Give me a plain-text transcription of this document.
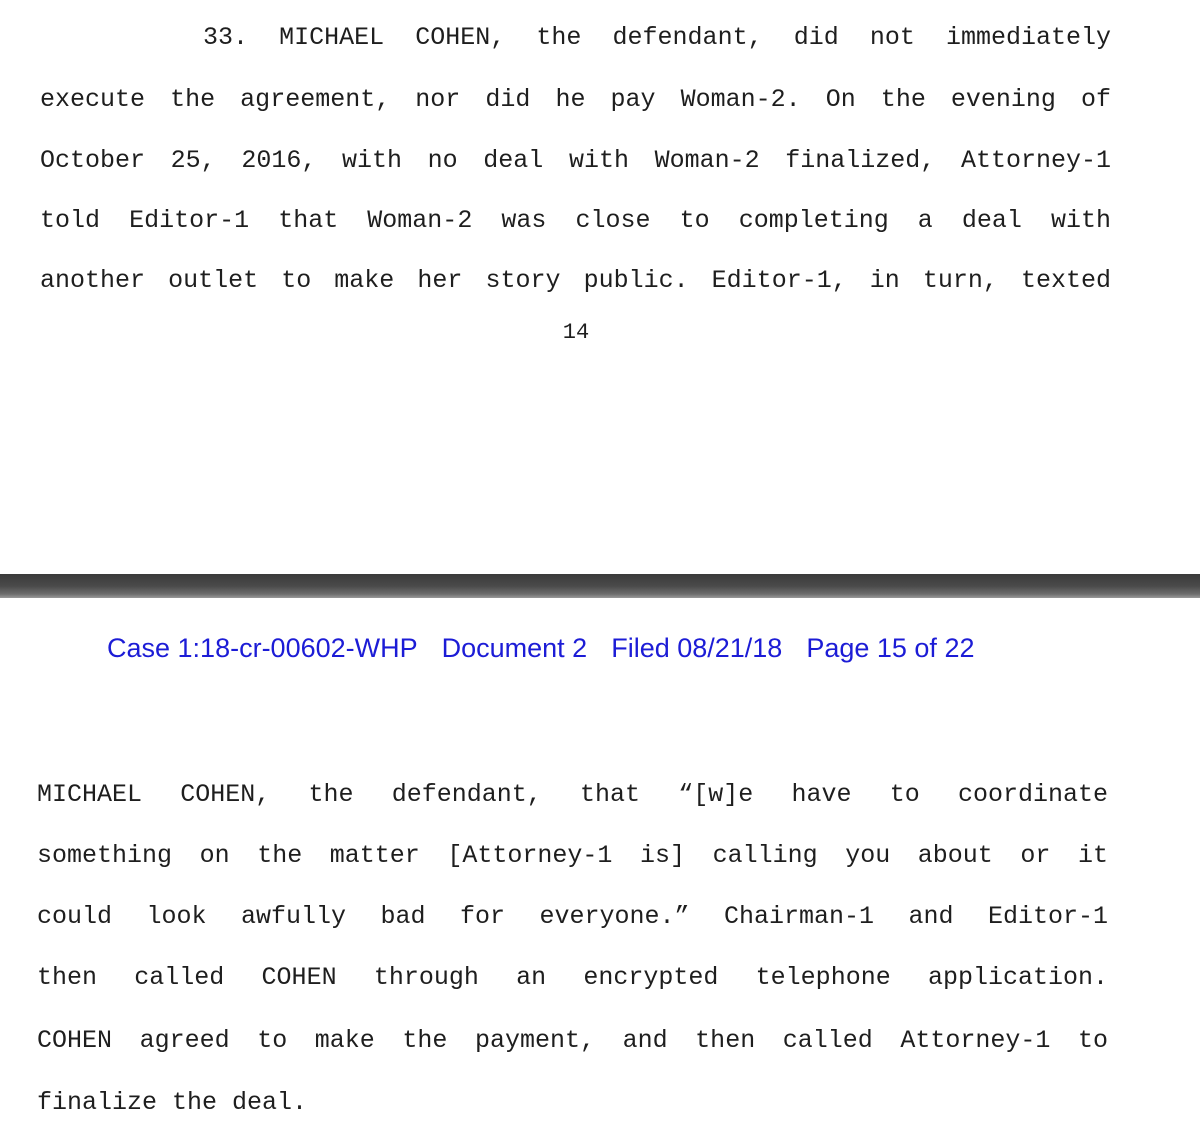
33. MICHAEL COHEN, the defendant, did not immediately
execute the agreement, nor did he pay Woman-2. On the evening of
October 25, 2016, with no deal with Woman-2 finalized, Attorney-1
told Editor-1 that Woman-2 was close to completing a deal with
another outlet to make her story public. Editor-1, in turn, texted
14
Case 1:18-cr-00602-WHP Document 2 Filed 08/21/18 Page 15 of 22
MICHAEL COHEN, the defendant, that “[w]e have to coordinate
something on the matter [Attorney-1 is] calling you about or it
could look awfully bad for everyone.” Chairman-1 and Editor-1
then called COHEN through an encrypted telephone application.
COHEN agreed to make the payment, and then called Attorney-1 to
finalize the deal.
